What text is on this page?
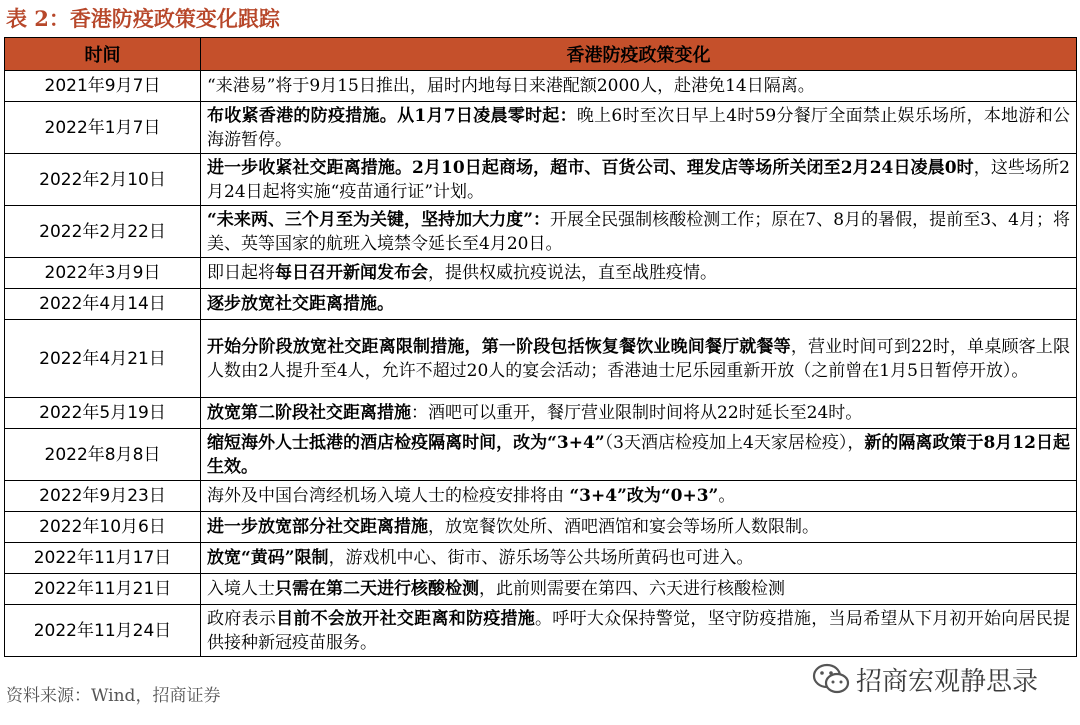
表 2：香港防疫政策变化跟踪
时间	香港防疫政策变化
2021年9月7日	“来港易”将于9月15日推出，届时内地每日来港配额2000人，赴港免14日隔离。
2022年1月7日	布收紧香港的防疫措施。从1月7日凌晨零时起：晚上6时至次日早上4时59分餐厅全面禁止娱乐场所，本地游和公海游暂停。
2022年2月10日	进一步收紧社交距离措施。2月10日起商场，超市、百货公司、理发店等场所关闭至2月24日凌晨0时，这些场所2月24日起将实施“疫苗通行证”计划。
2022年2月22日	“未来两、三个月至为关键，坚持加大力度”：开展全民强制核酸检测工作；原在7、8月的暑假，提前至3、4月；将美、英等国家的航班入境禁令延长至4月20日。
2022年3月9日	即日起将每日召开新闻发布会，提供权威抗疫说法，直至战胜疫情。
2022年4月14日	逐步放宽社交距离措施。
2022年4月21日	开始分阶段放宽社交距离限制措施，第一阶段包括恢复餐饮业晚间餐厅就餐等，营业时间可到22时，单桌顾客上限人数由2人提升至4人，允许不超过20人的宴会活动；香港迪士尼乐园重新开放（之前曾在1月5日暂停开放）。
2022年5月19日	放宽第二阶段社交距离措施：酒吧可以重开，餐厅营业限制时间将从22时延长至24时。
2022年8月8日	缩短海外人士抵港的酒店检疫隔离时间，改为“3+4”（3天酒店检疫加上4天家居检疫），新的隔离政策于8月12日起生效。
2022年9月23日	海外及中国台湾经机场入境人士的检疫安排将由 “3+4”改为“0+3”。
2022年10月6日	进一步放宽部分社交距离措施，放宽餐饮处所、酒吧酒馆和宴会等场所人数限制。
2022年11月17日	放宽“黄码”限制，游戏机中心、街市、游乐场等公共场所黄码也可进入。
2022年11月21日	入境人士只需在第二天进行核酸检测，此前则需要在第四、六天进行核酸检测
2022年11月24日	政府表示目前不会放开社交距离和防疫措施。呼吁大众保持警觉，坚守防疫措施，当局希望从下月初开始向居民提供接种新冠疫苗服务。
资料来源：Wind，招商证券	招商宏观静思录
